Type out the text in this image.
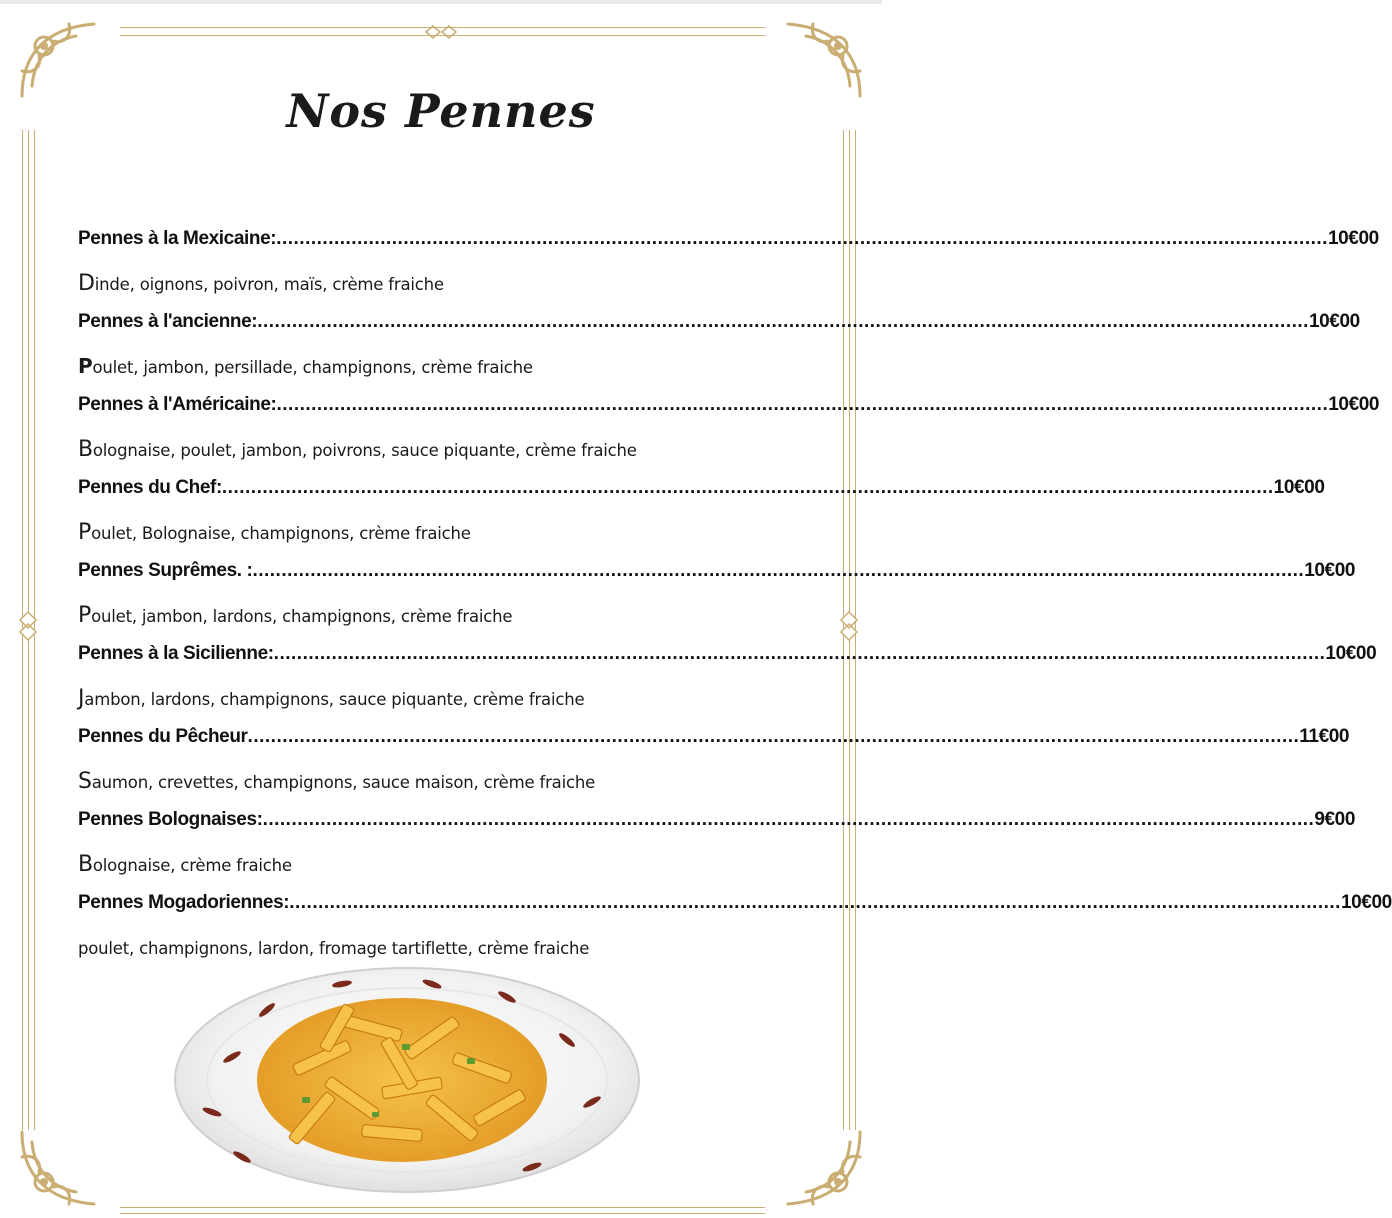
Nos Pennes
Pennes à la Mexicaine: ...................................................................................................................................................................................... 10€00
Dinde, oignons, poivron, maïs, crème fraiche
Pennes à l'ancienne: ...................................................................................................................................................................................... 10€00
Poulet, jambon, persillade, champignons, crème fraiche
Pennes à l'Américaine: ...................................................................................................................................................................................... 10€00
Bolognaise, poulet, jambon, poivrons, sauce piquante, crème fraiche
Pennes du Chef: ...................................................................................................................................................................................... 10€00
Poulet, Bolognaise, champignons, crème fraiche
Pennes Suprêmes. : ...................................................................................................................................................................................... 10€00
Poulet, jambon, lardons, champignons, crème fraiche
Pennes à la Sicilienne: ...................................................................................................................................................................................... 10€00
Jambon, lardons, champignons, sauce piquante, crème fraiche
Pennes du Pêcheur ...................................................................................................................................................................................... 11€00
Saumon, crevettes, champignons, sauce maison, crème fraiche
Pennes Bolognaises: ...................................................................................................................................................................................... 9€00
Bolognaise, crème fraiche
Pennes Mogadoriennes: ...................................................................................................................................................................................... 10€00
poulet, champignons, lardon, fromage tartiflette, crème fraiche
